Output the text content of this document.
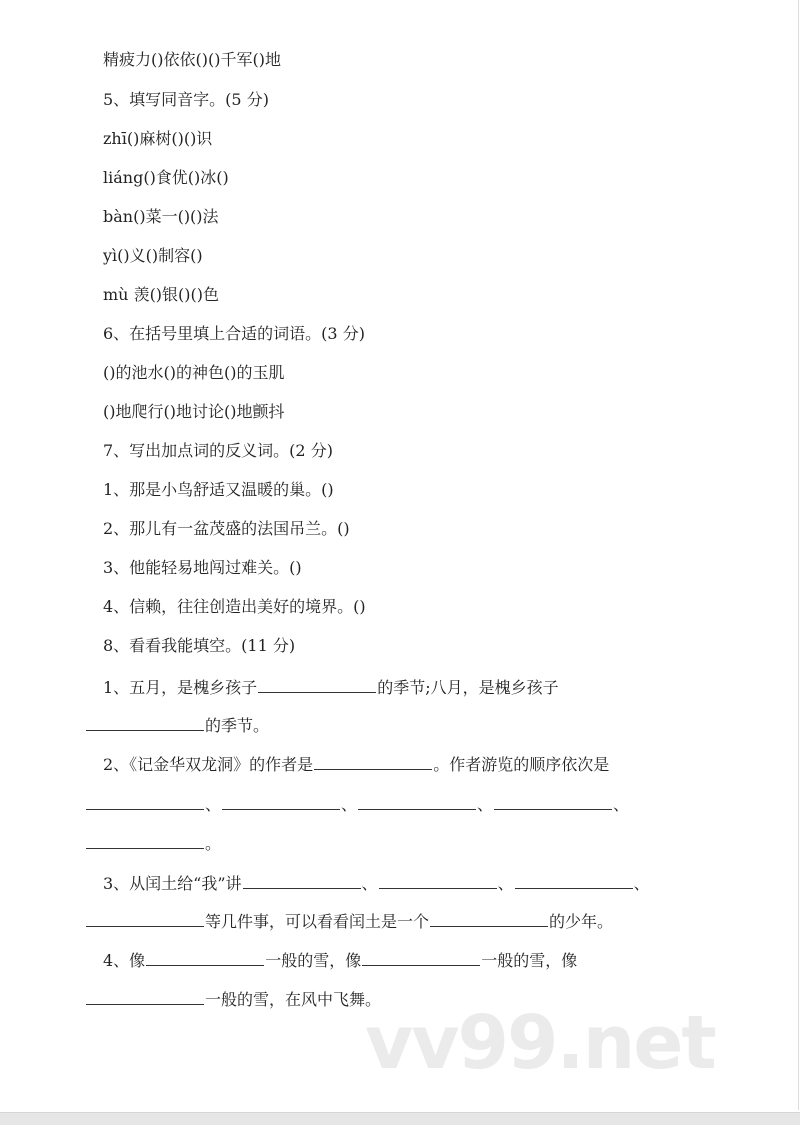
精疲力()依依()()千军()地
5、填写同音字。(5 分)
zhī()麻树()()识
liáng()食优()冰()
bàn()菜一()()法
yì()义()制容()
mù 羡()银()()色
6、在括号里填上合适的词语。(3 分)
()的池水()的神色()的玉肌
()地爬行()地讨论()地颤抖
7、写出加点词的反义词。(2 分)
1、那是小鸟舒适又温暖的巢。()
2、那儿有一盆茂盛的法国吊兰。()
3、他能轻易地闯过难关。()
4、信赖，往往创造出美好的境界。()
8、看看我能填空。(11 分)
1、五月，是槐乡孩子	的季节;八月，是槐乡孩子
的季节。
2、《记金华双龙洞》的作者是	。作者游览的顺序依次是
、	、	、	、
。
3、从闰土给“我”讲	、	、	、
等几件事，可以看看闰土是一个	的少年。
4、像	一般的雪，像	一般的雪，像
一般的雪，在风中飞舞。
vv99.net
